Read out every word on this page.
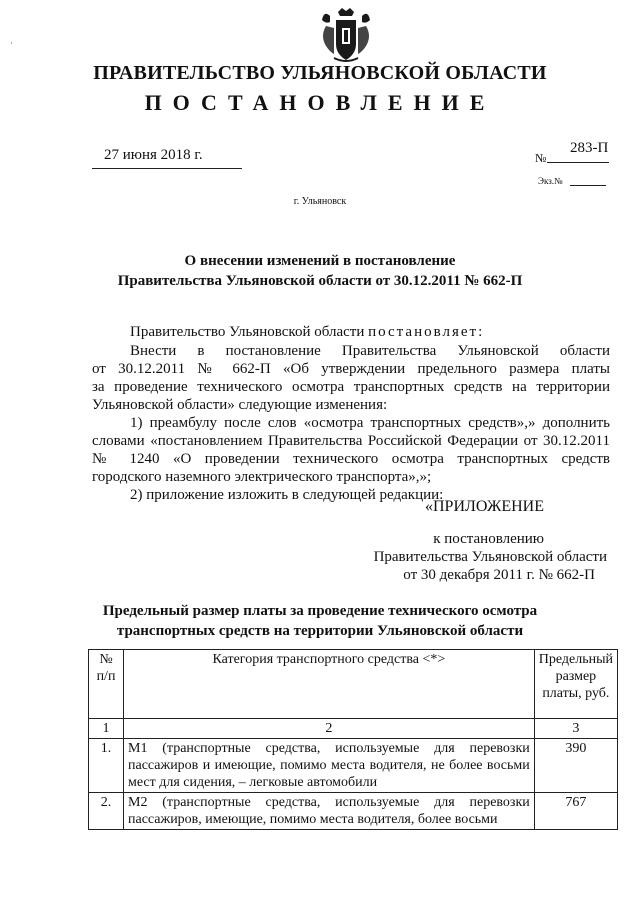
·
ПРАВИТЕЛЬСТВО УЛЬЯНОВСКОЙ ОБЛАСТИ
ПОСТАНОВЛЕНИЕ
27 июня 2018 г.	№
283-П
Экз.№
г. Ульяновск
О внесении изменений в постановление
Правительства Ульяновской области от 30.12.2011 № 662-П
Правительство Ульяновской области постановляет:
Внести в постановление Правительства Ульяновской области
от 30.12.2011 № 662-П «Об утверждении предельного размера платы
за проведение технического осмотра транспортных средств на территории
Ульяновской области» следующие изменения:
1) преамбулу после слов «осмотра транспортных средств»,» дополнить
словами «постановлением Правительства Российской Федерации от 30.12.2011
№ 1240 «О проведении технического осмотра транспортных средств
городского наземного электрического транспорта»,»;
2) приложение изложить в следующей редакции:
«ПРИЛОЖЕНИЕ
к постановлению
Правительства Ульяновской области
от 30 декабря 2011 г. № 662-П
Предельный размер платы за проведение технического осмотра
транспортных средств на территории Ульяновской области
№ п/п	Категория транспортного средства <*>	Предельный размер платы, руб.
1	2	3
1.	M1 (транспортные средства, используемые для перевозки пассажиров и имеющие, помимо места водителя, не более восьми мест для сидения, – легковые автомобили	390
2.	M2 (транспортные средства, используемые для перевозки пассажиров, имеющие, помимо места водителя, более восьми	767
